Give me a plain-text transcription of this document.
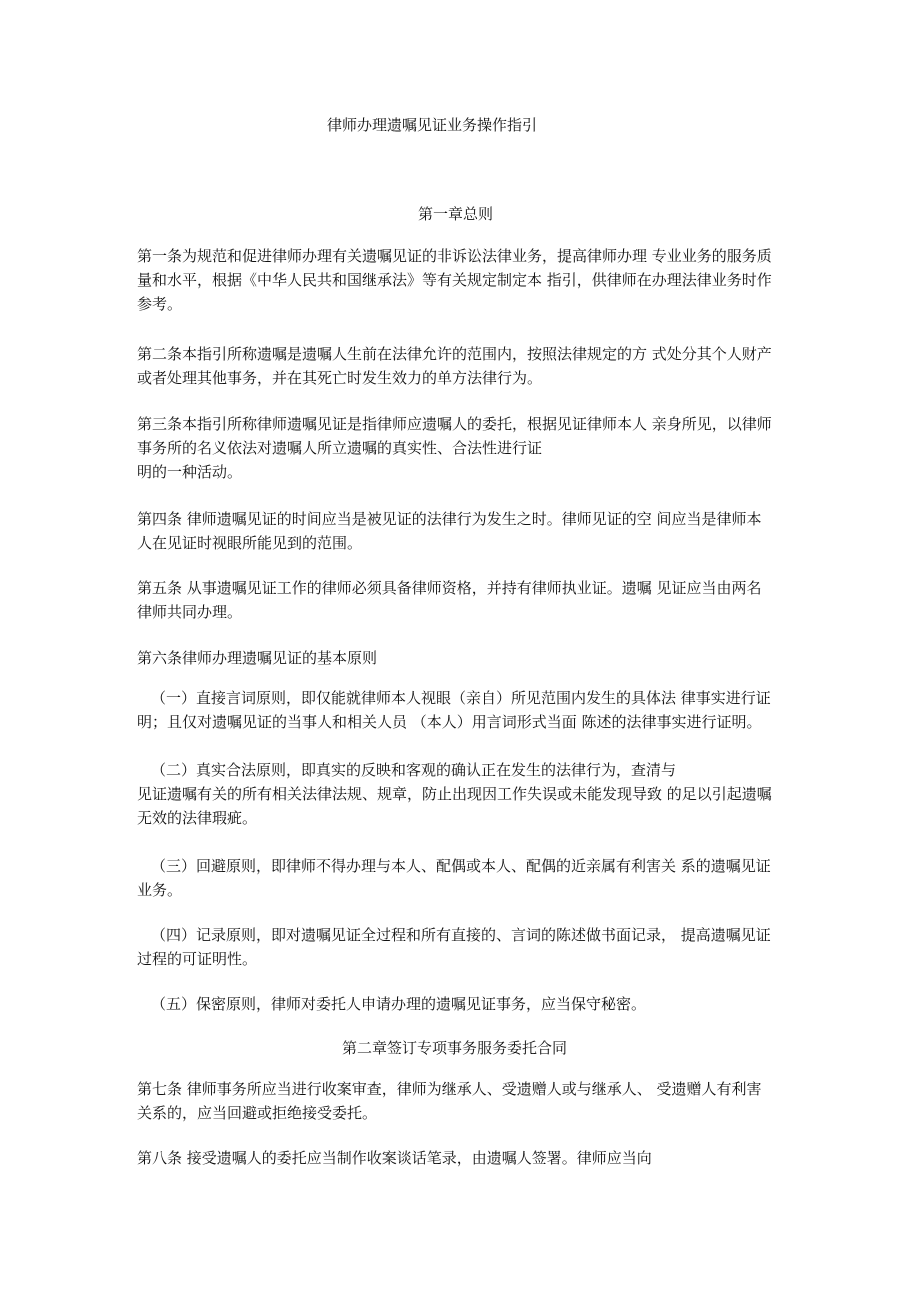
律师办理遗嘱见证业务操作指引
第一章总则

第一条为规范和促进律师办理有关遗嘱见证的非诉讼法律业务，提高律师办理 专业业务的服务质
量和水平，根据《中华人民共和国继承法》等有关规定制定本 指引，供律师在办理法律业务时作
参考。

第二条本指引所称遗嘱是遗嘱人生前在法律允许的范围内，按照法律规定的方 式处分其个人财产
或者处理其他事务，并在其死亡时发生效力的单方法律行为。

第三条本指引所称律师遗嘱见证是指律师应遗嘱人的委托，根据见证律师本人 亲身所见，以律师
事务所的名义依法对遗嘱人所立遗嘱的真实性、合法性进行证
明的一种活动。

第四条 律师遗嘱见证的时间应当是被见证的法律行为发生之时。律师见证的空 间应当是律师本
人在见证时视眼所能见到的范围。

第五条 从事遗嘱见证工作的律师必须具备律师资格，并持有律师执业证。遗嘱 见证应当由两名
律师共同办理。

第六条律师办理遗嘱见证的基本原则

（一）直接言词原则，即仅能就律师本人视眼（亲自）所见范围内发生的具体法 律事实进行证
明；且仅对遗嘱见证的当事人和相关人员 （本人）用言词形式当面 陈述的法律事实进行证明。

（二）真实合法原则，即真实的反映和客观的确认正在发生的法律行为，查清与
见证遗嘱有关的所有相关法律法规、规章，防止出现因工作失误或未能发现导致 的足以引起遗嘱
无效的法律瑕疵。

（三）回避原则，即律师不得办理与本人、配偶或本人、配偶的近亲属有利害关 系的遗嘱见证
业务。

（四）记录原则，即对遗嘱见证全过程和所有直接的、言词的陈述做书面记录， 提高遗嘱见证
过程的可证明性。

（五）保密原则，律师对委托人申请办理的遗嘱见证事务，应当保守秘密。

第二章签订专项事务服务委托合同

第七条 律师事务所应当进行收案审查，律师为继承人、受遗赠人或与继承人、 受遗赠人有利害
关系的，应当回避或拒绝接受委托。

第八条 接受遗嘱人的委托应当制作收案谈话笔录，由遗嘱人签署。律师应当向
